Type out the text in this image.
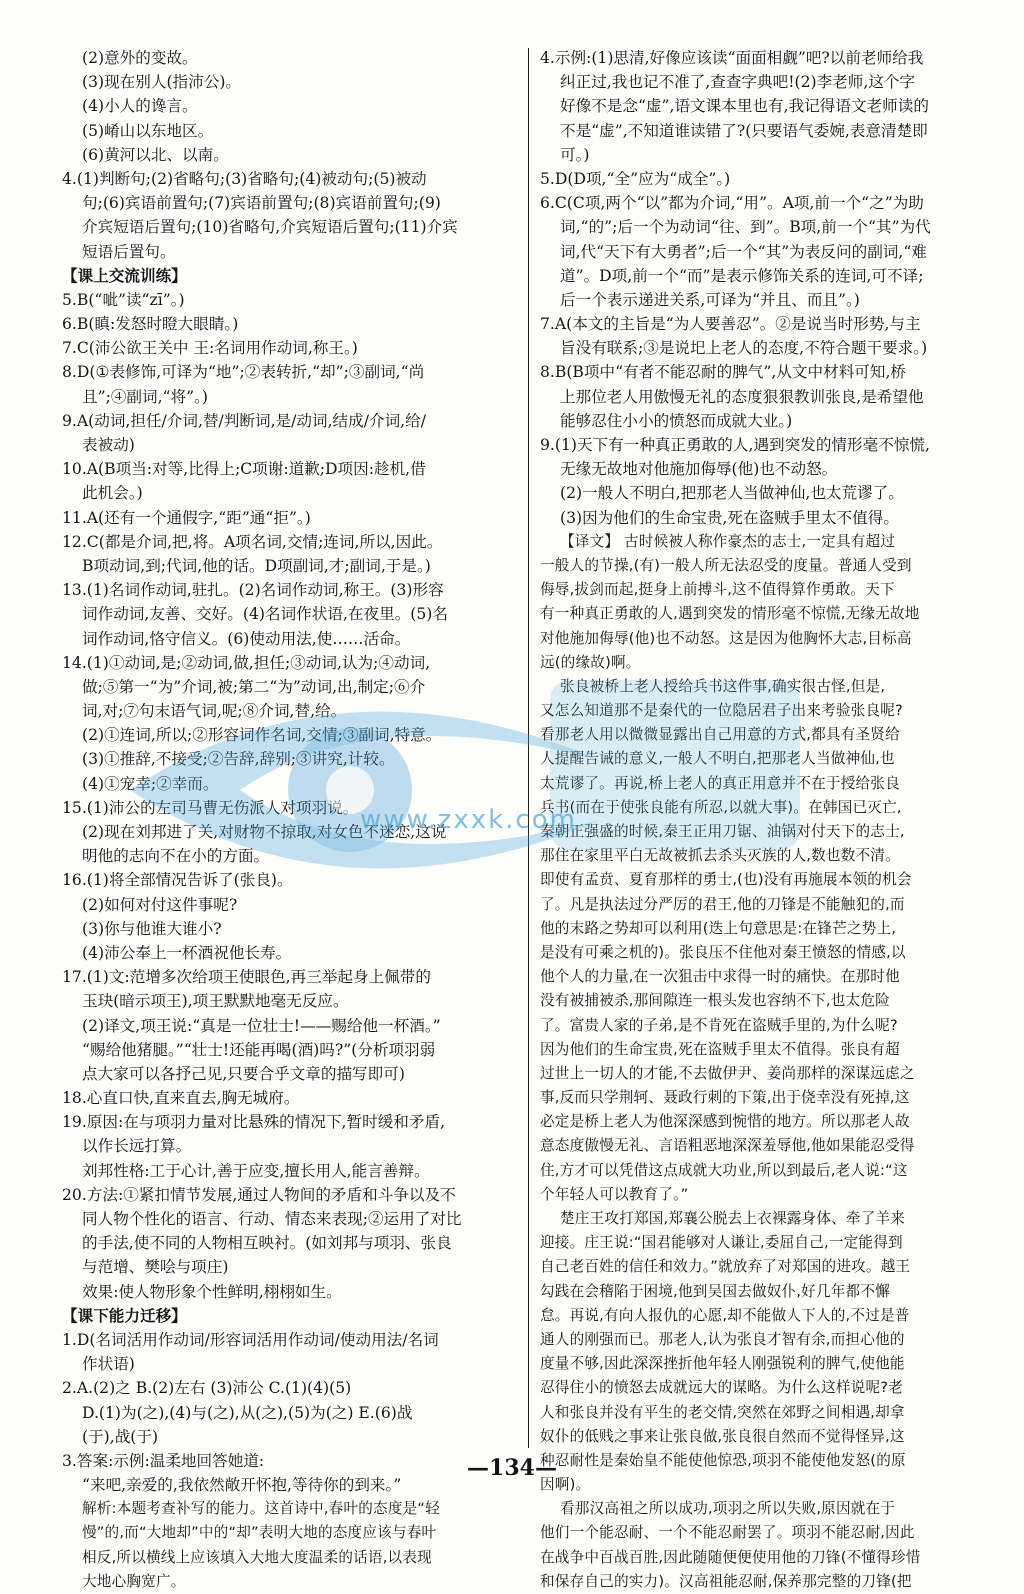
(2)意外的变故。
(3)现在别人(指沛公)。
(4)小人的谗言。
(5)崤山以东地区。
(6)黄河以北、以南。
4.(1)判断句;(2)省略句;(3)省略句;(4)被动句;(5)被动
句;(6)宾语前置句;(7)宾语前置句;(8)宾语前置句;(9)
介宾短语后置句;(10)省略句,介宾短语后置句;(11)介宾
短语后置句。
【课上交流训练】
5.B(“呲”读“zī”。)
6.B(瞋:发怒时瞪大眼睛。)
7.C(沛公欲王关中 王:名词用作动词,称王。)
8.D(①表修饰,可译为“地”;②表转折,“却”;③副词,“尚
且”;④副词,“将”。)
9.A(动词,担任/介词,替/判断词,是/动词,结成/介词,给/
表被动)
10.A(B项当:对等,比得上;C项谢:道歉;D项因:趁机,借
此机会。)
11.A(还有一个通假字,“距”通“拒”。)
12.C(都是介词,把,将。A项名词,交情;连词,所以,因此。
B项动词,到;代词,他的话。D项副词,才;副词,于是。)
13.(1)名词作动词,驻扎。(2)名词作动词,称王。(3)形容
词作动词,友善、交好。(4)名词作状语,在夜里。(5)名
词作动词,恪守信义。(6)使动用法,使……活命。
14.(1)①动词,是;②动词,做,担任;③动词,认为;④动词,
做;⑤第一“为”介词,被;第二“为”动词,出,制定;⑥介
词,对;⑦句末语气词,呢;⑧介词,替,给。
(2)①连词,所以;②形容词作名词,交情;③副词,特意。
(3)①推辞,不接受;②告辞,辞别;③讲究,计较。
(4)①宠幸;②幸而。
15.(1)沛公的左司马曹无伤派人对项羽说。
(2)现在刘邦进了关,对财物不掠取,对女色不迷恋,这说
明他的志向不在小的方面。
16.(1)将全部情况告诉了(张良)。
(2)如何对付这件事呢?
(3)你与他谁大谁小?
(4)沛公奉上一杯酒祝他长寿。
17.(1)文:范增多次给项王使眼色,再三举起身上佩带的
玉玦(暗示项王),项王默默地毫无反应。
(2)译文,项王说:“真是一位壮士!——赐给他一杯酒。”
“赐给他猪腿。”“壮士!还能再喝(酒)吗?”(分析项羽弱
点大家可以各抒己见,只要合乎文章的描写即可)
18.心直口快,直来直去,胸无城府。
19.原因:在与项羽力量对比悬殊的情况下,暂时缓和矛盾,
以作长远打算。
刘邦性格:工于心计,善于应变,擅长用人,能言善辩。
20.方法:①紧扣情节发展,通过人物间的矛盾和斗争以及不
同人物个性化的语言、行动、情态来表现;②运用了对比
的手法,使不同的人物相互映衬。(如刘邦与项羽、张良
与范增、樊哙与项庄)
效果:使人物形象个性鲜明,栩栩如生。
【课下能力迁移】
1.D(名词活用作动词/形容词活用作动词/使动用法/名词
作状语)
2.A.(2)之 B.(2)左右 (3)沛公 C.(1)(4)(5)
D.(1)为(之),(4)与(之),从(之),(5)为(之) E.(6)战
(于),战(于)
3.答案:示例:温柔地回答她道:
“来吧,亲爱的,我依然敞开怀抱,等待你的到来。”
解析:本题考查补写的能力。这首诗中,春叶的态度是“轻
慢”的,而“大地却”中的“却”表明大地的态度应该与春叶
相反,所以横线上应该填入大地大度温柔的话语,以表现
大地心胸宽广。
4.示例:(1)思清,好像应该读“面面相觑”吧?以前老师给我
纠正过,我也记不准了,查查字典吧!(2)李老师,这个字
好像不是念“虚”,语文课本里也有,我记得语文老师读的
不是“虚”,不知道谁读错了?(只要语气委婉,表意清楚即
可。)
5.D(D项,“全”应为“成全”。)
6.C(C项,两个“以”都为介词,“用”。A项,前一个“之”为助
词,“的”;后一个为动词“往、到”。B项,前一个“其”为代
词,代“天下有大勇者”;后一个“其”为表反问的副词,“难
道”。D项,前一个“而”是表示修饰关系的连词,可不译;
后一个表示递进关系,可译为“并且、而且”。)
7.A(本文的主旨是“为人要善忍”。②是说当时形势,与主
旨没有联系;③是说圯上老人的态度,不符合题干要求。)
8.B(B项中“有者不能忍耐的脾气”,从文中材料可知,桥
上那位老人用傲慢无礼的态度狠狠教训张良,是希望他
能够忍住小小的愤怒而成就大业。)
9.(1)天下有一种真正勇敢的人,遇到突发的情形毫不惊慌,
无缘无故地对他施加侮辱(他)也不动怒。
(2)一般人不明白,把那老人当做神仙,也太荒谬了。
(3)因为他们的生命宝贵,死在盗贼手里太不值得。
【译文】 古时候被人称作豪杰的志士,一定具有超过
一般人的节操,(有)一般人所无法忍受的度量。普通人受到
侮辱,拔剑而起,挺身上前搏斗,这不值得算作勇敢。天下
有一种真正勇敢的人,遇到突发的情形毫不惊慌,无缘无故地
对他施加侮辱(他)也不动怒。这是因为他胸怀大志,目标高
远(的缘故)啊。
张良被桥上老人授给兵书这件事,确实很古怪,但是,
又怎么知道那不是秦代的一位隐居君子出来考验张良呢?
看那老人用以微微显露出自己用意的方式,都具有圣贤给
人提醒告诫的意义,一般人不明白,把那老人当做神仙,也
太荒谬了。再说,桥上老人的真正用意并不在于授给张良
兵书(而在于使张良能有所忍,以就大事)。在韩国已灭亡,
秦朝正强盛的时候,秦王正用刀锯、油锅对付天下的志士,
那住在家里平白无故被抓去杀头灭族的人,数也数不清。
即使有孟贲、夏育那样的勇士,(也)没有再施展本领的机会
了。凡是执法过分严厉的君王,他的刀锋是不能触犯的,而
他的末路之势却可以利用(迭上句意思是:在锋芒之势上,
是没有可乘之机的)。张良压不住他对秦王愤怒的情感,以
他个人的力量,在一次狙击中求得一时的痛快。在那时他
没有被捕被杀,那间隙连一根头发也容纳不下,也太危险
了。富贵人家的子弟,是不肯死在盗贼手里的,为什么呢?
因为他们的生命宝贵,死在盗贼手里太不值得。张良有超
过世上一切人的才能,不去做伊尹、姜尚那样的深谋远虑之
事,反而只学荆轲、聂政行刺的下策,出于侥幸没有死掉,这
必定是桥上老人为他深深感到惋惜的地方。所以那老人故
意态度傲慢无礼、言语粗恶地深深羞辱他,他如果能忍受得
住,方才可以凭借这点成就大功业,所以到最后,老人说:“这
个年轻人可以教育了。”
楚庄王攻打郑国,郑襄公脱去上衣裸露身体、牵了羊来
迎接。庄王说:“国君能够对人谦让,委屈自己,一定能得到
自己老百姓的信任和效力。”就放弃了对郑国的进攻。越王
勾践在会稽陷于困境,他到吴国去做奴仆,好几年都不懈
怠。再说,有向人报仇的心愿,却不能做人下人的,不过是普
通人的刚强而已。那老人,认为张良才智有余,而担心他的
度量不够,因此深深挫折他年轻人刚强锐利的脾气,使他能
忍得住小的愤怒去成就远大的谋略。为什么这样说呢?老
人和张良并没有平生的老交情,突然在郊野之间相遇,却拿
奴仆的低贱之事来让张良做,张良很自然而不觉得怪异,这
种忍耐性是秦始皇不能使他惊恐,项羽不能使他发怒(的原
因啊)。
看那汉高祖之所以成功,项羽之所以失败,原因就在于
他们一个能忍耐、一个不能忍耐罢了。项羽不能忍耐,因此
在战争中百战百胜,因此随随便便使用他的刀锋(不懂得珍惜
和保存自己的实力)。汉高祖能忍耐,保养那完整的刀锋(把
www.zxxk.com
—134—
